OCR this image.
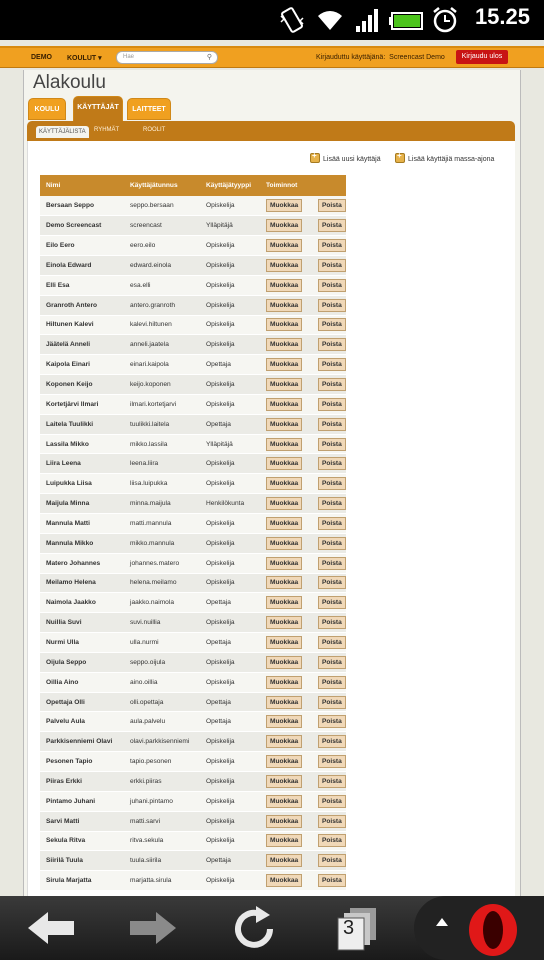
15.25
DEMO KOULUT ▾	Hae	⚲	Kirjauduttu käyttäjänä: Screencast Demo	Kirjaudu ulos
Alakoulu
KOULU	KÄYTTÄJÄT	LAITTEET
KÄYTTÄJÄLISTA	RYHMÄT	ROOLIT
+Lisää uusi käyttäjä +	Lisää käyttäjiä massa-ajona
Nimi	Käyttäjätunnus	Käyttäjätyyppi	Toiminnot	
Bersaan Seppo	seppo.bersaan	Opiskelija	Muokkaa	Poista
Demo Screencast	screencast	Ylläpitäjä	Muokkaa	Poista
Eilo Eero	eero.eilo	Opiskelija	Muokkaa	Poista
Einola Edward	edward.einola	Opiskelija	Muokkaa	Poista
Elli Esa	esa.elli	Opiskelija	Muokkaa	Poista
Granroth Antero	antero.granroth	Opiskelija	Muokkaa	Poista
Hiltunen Kalevi	kalevi.hiltunen	Opiskelija	Muokkaa	Poista
Jäätelä Anneli	anneli.jaatela	Opiskelija	Muokkaa	Poista
Kaipola Einari	einari.kaipola	Opettaja	Muokkaa	Poista
Koponen Keijo	keijo.koponen	Opiskelija	Muokkaa	Poista
Kortetjärvi Ilmari	ilmari.kortetjarvi	Opiskelija	Muokkaa	Poista
Laitela Tuulikki	tuulikki.laitela	Opettaja	Muokkaa	Poista
Lassila Mikko	mikko.lassila	Ylläpitäjä	Muokkaa	Poista
Liira Leena	leena.liira	Opiskelija	Muokkaa	Poista
Luipukka Liisa	liisa.luipukka	Opiskelija	Muokkaa	Poista
Maijula Minna	minna.maijula	Henkilökunta	Muokkaa	Poista
Mannula Matti	matti.mannula	Opiskelija	Muokkaa	Poista
Mannula Mikko	mikko.mannula	Opiskelija	Muokkaa	Poista
Matero Johannes	johannes.matero	Opiskelija	Muokkaa	Poista
Meilamo Helena	helena.meilamo	Opiskelija	Muokkaa	Poista
Naimola Jaakko	jaakko.naimola	Opettaja	Muokkaa	Poista
Nuillia Suvi	suvi.nuillia	Opiskelija	Muokkaa	Poista
Nurmi Ulla	ulla.nurmi	Opettaja	Muokkaa	Poista
Oijula Seppo	seppo.oijula	Opiskelija	Muokkaa	Poista
Oillia Aino	aino.oillia	Opiskelija	Muokkaa	Poista
Opettaja Olli	olli.opettaja	Opettaja	Muokkaa	Poista
Palvelu Aula	aula.palvelu	Opettaja	Muokkaa	Poista
Parkkisenniemi Olavi	olavi.parkkisenniemi	Opiskelija	Muokkaa	Poista
Pesonen Tapio	tapio.pesonen	Opiskelija	Muokkaa	Poista
Piiras Erkki	erkki.piiras	Opiskelija	Muokkaa	Poista
Pintamo Juhani	juhani.pintamo	Opiskelija	Muokkaa	Poista
Sarvi Matti	matti.sarvi	Opiskelija	Muokkaa	Poista
Sekula Ritva	ritva.sekula	Opiskelija	Muokkaa	Poista
Siirilä Tuula	tuula.siirila	Opettaja	Muokkaa	Poista
Sirula Marjatta	marjatta.sirula	Opiskelija	Muokkaa	Poista
3
